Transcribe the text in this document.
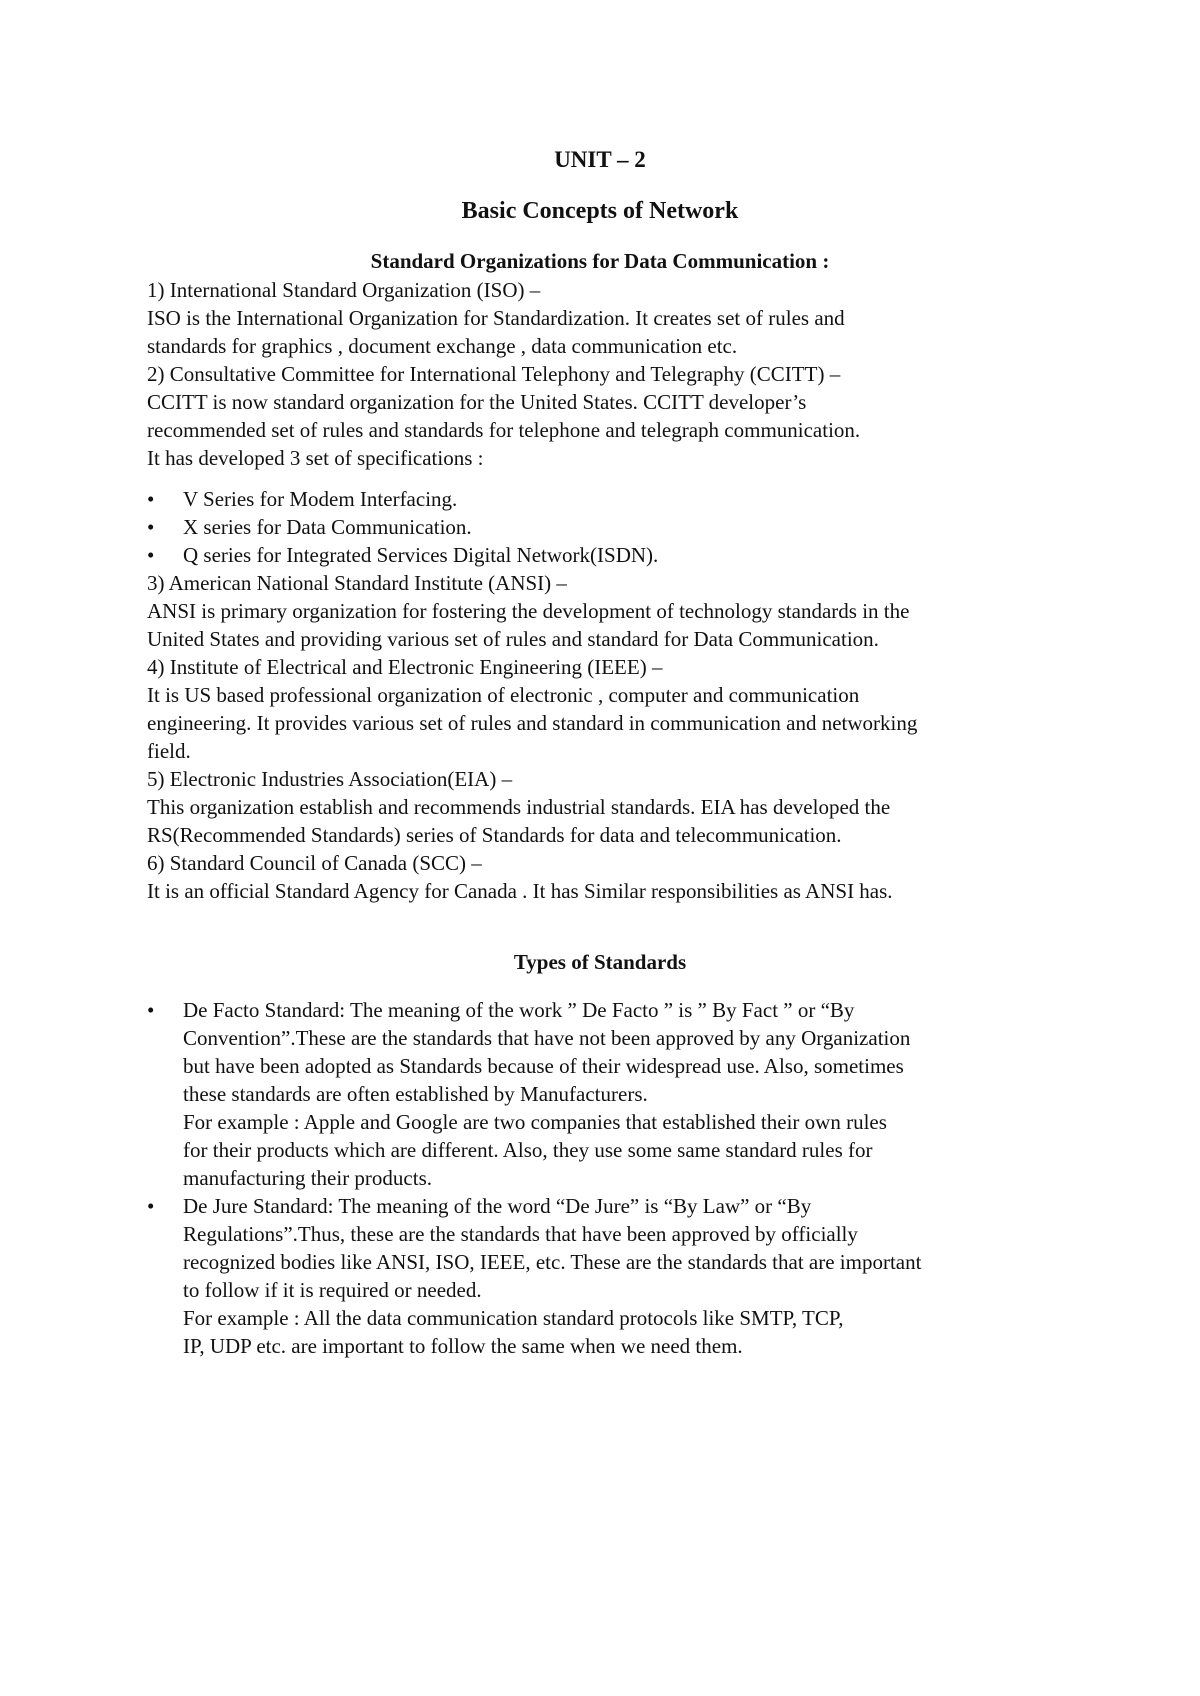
UNIT – 2
Basic Concepts of Network
Standard Organizations for Data Communication :

1) International Standard Organization (ISO) –

ISO is the International Organization for Standardization. It creates set of rules and

standards for graphics , document exchange , data communication etc.

2) Consultative Committee for International Telephony and Telegraphy (CCITT) –

CCITT is now standard organization for the United States. CCITT developer’s

recommended set of rules and standards for telephone and telegraph communication.

It has developed 3 set of specifications :

• V Series for Modem Interfacing.
• X series for Data Communication.
• Q series for Integrated Services Digital Network(ISDN).

3) American National Standard Institute (ANSI) –

ANSI is primary organization for fostering the development of technology standards in the

United States and providing various set of rules and standard for Data Communication.

4) Institute of Electrical and Electronic Engineering (IEEE) –

It is US based professional organization of electronic , computer and communication

engineering. It provides various set of rules and standard in communication and networking

field.

5) Electronic Industries Association(EIA) –

This organization establish and recommends industrial standards. EIA has developed the

RS(Recommended Standards) series of Standards for data and telecommunication.

6) Standard Council of Canada (SCC) –

It is an official Standard Agency for Canada . It has Similar responsibilities as ANSI has.

Types of Standards
• De Facto Standard: The meaning of the work ” De Facto ” is ” By Fact ” or “By

Convention”.These are the standards that have not been approved by any Organization

but have been adopted as Standards because of their widespread use. Also, sometimes

these standards are often established by Manufacturers.

For example : Apple and Google are two companies that established their own rules

for their products which are different. Also, they use some same standard rules for

manufacturing their products.

• De Jure Standard: The meaning of the word “De Jure” is “By Law” or “By

Regulations”.Thus, these are the standards that have been approved by officially

recognized bodies like ANSI, ISO, IEEE, etc. These are the standards that are important

to follow if it is required or needed.

For example : All the data communication standard protocols like SMTP, TCP,

IP, UDP etc. are important to follow the same when we need them.
